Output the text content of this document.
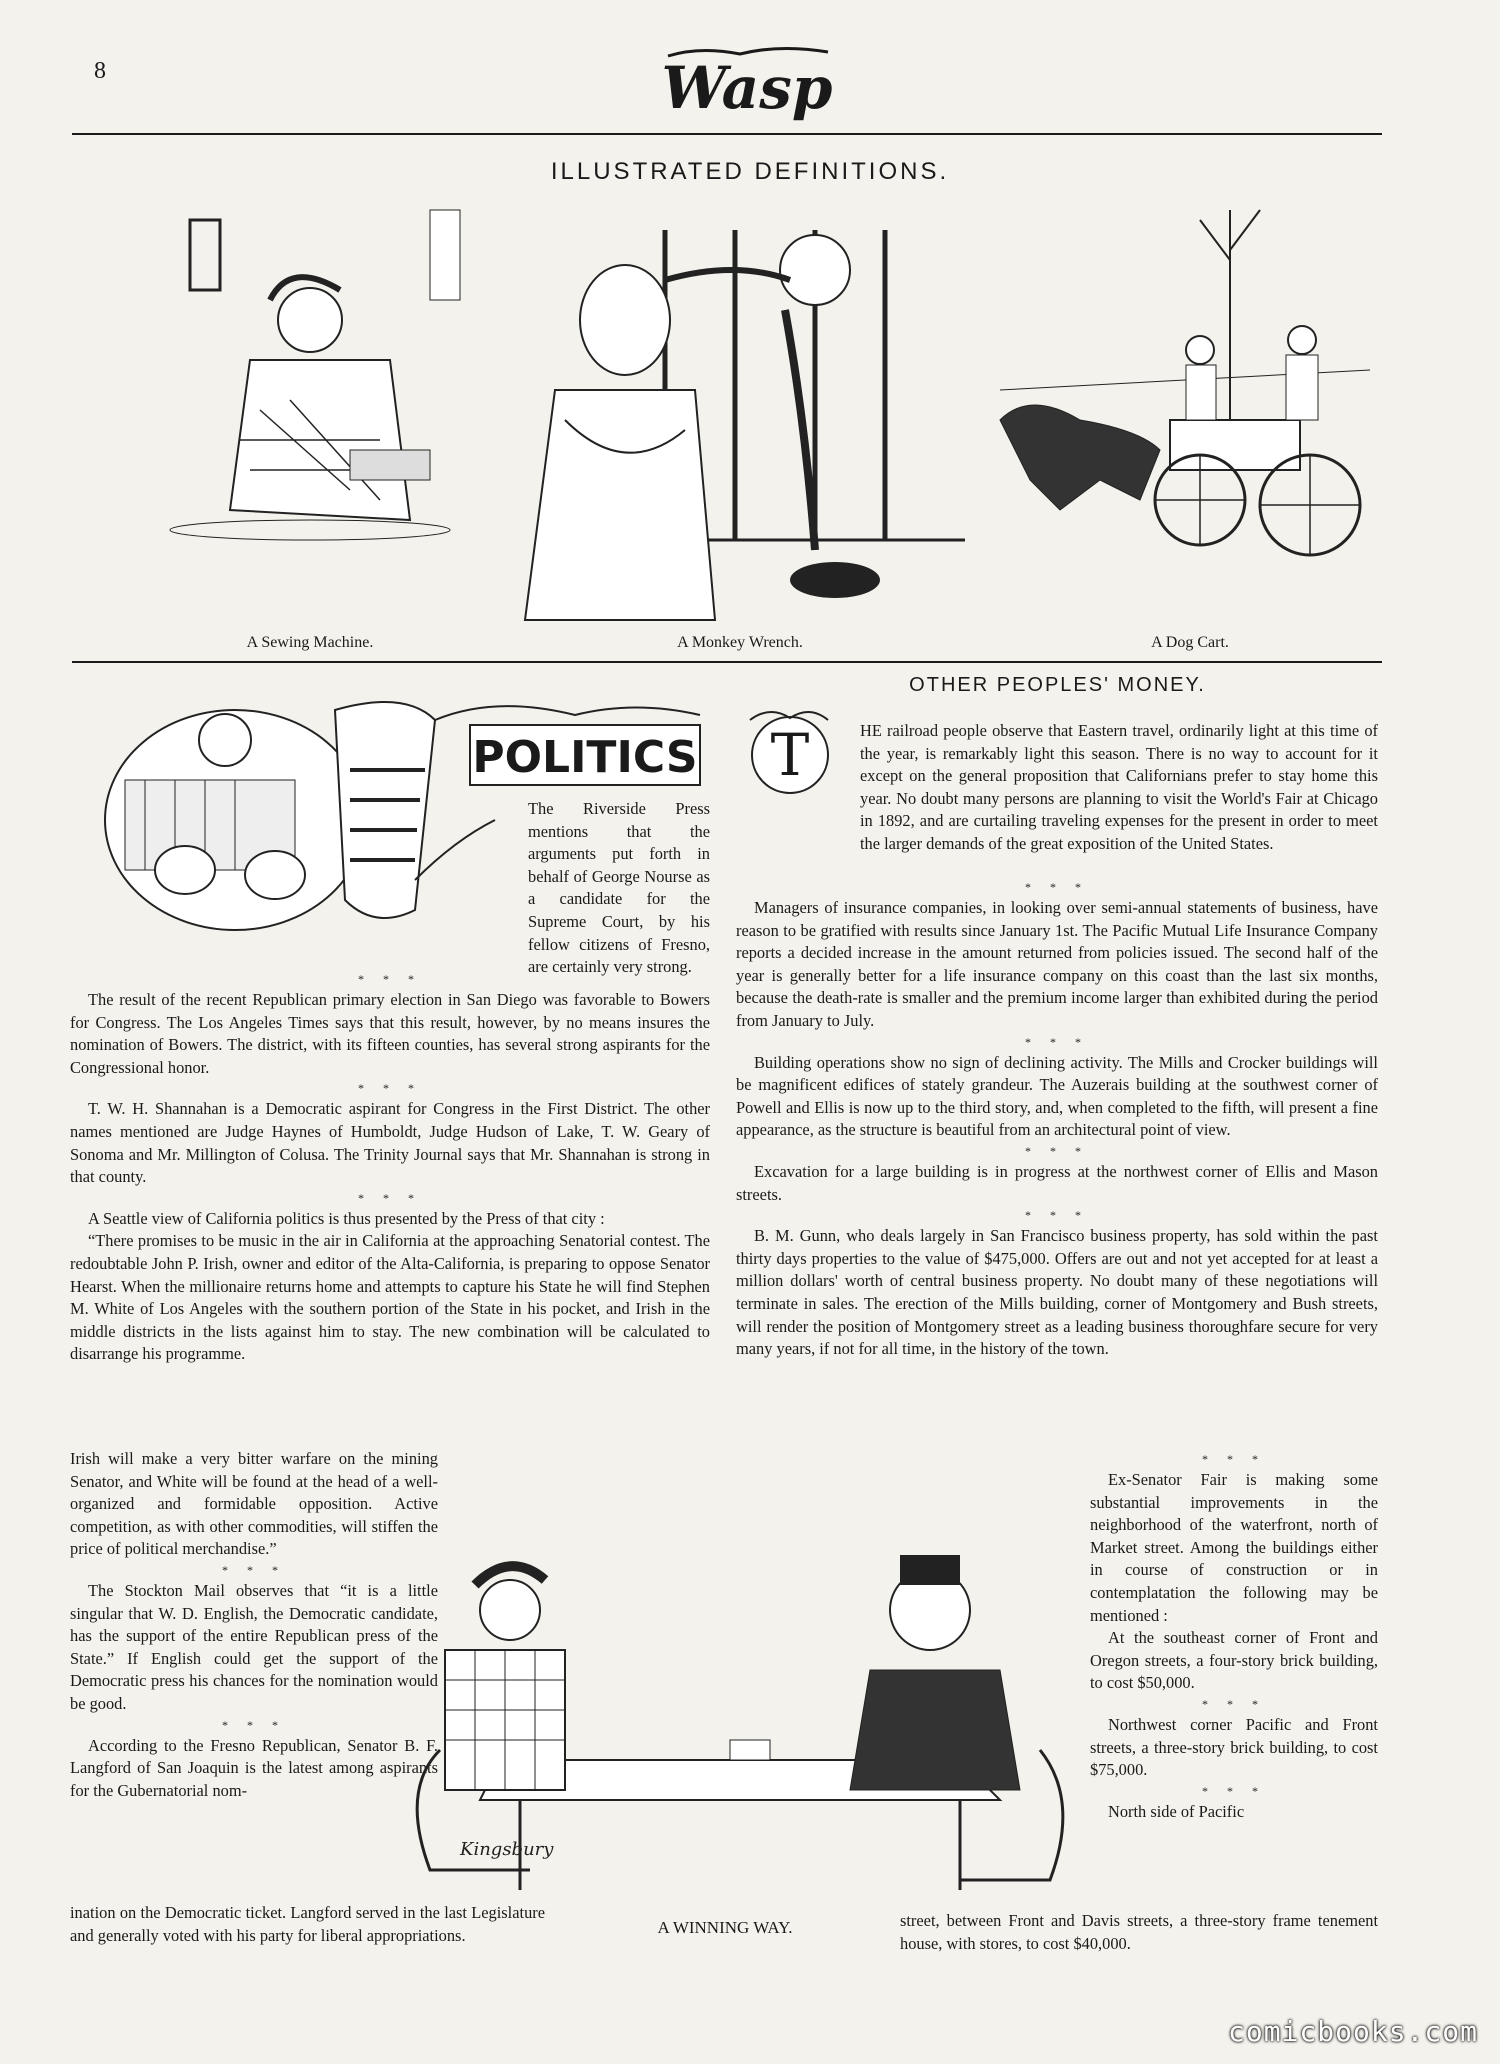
8	Wasp
ILLUSTRATED DEFINITIONS.
A Sewing Machine.	A Monkey Wrench.	A Dog Cart.
POLITICS

The Riverside Press mentions that the arguments put forth in behalf of George Nourse as a candidate for the Supreme Court, by his fellow citizens of Fresno, are certainly very strong.

* * *

The result of the recent Republican primary election in San Diego was favorable to Bowers for Congress. The Los Angeles Times says that this result, however, by no means insures the nomination of Bowers. The district, with its fifteen counties, has several strong aspirants for the Congressional honor.

* * *

T. W. H. Shannahan is a Democratic aspirant for Congress in the First District. The other names mentioned are Judge Haynes of Humboldt, Judge Hudson of Lake, T. W. Geary of Sonoma and Mr. Millington of Colusa. The Trinity Journal says that Mr. Shannahan is strong in that county.

* * *

A Seattle view of California politics is thus presented by the Press of that city :

“There promises to be music in the air in California at the approaching Senatorial contest. The redoubtable John P. Irish, owner and editor of the Alta-California, is preparing to oppose Senator Hearst. When the millionaire returns home and attempts to capture his State he will find Stephen M. White of Los Angeles with the southern portion of the State in his pocket, and Irish in the middle districts in the lists against him to stay. The new combination will be calculated to disarrange his programme.

Irish will make a very bitter warfare on the mining Senator, and White will be found at the head of a well-organized and formidable opposition. Active competition, as with other commodities, will stiffen the price of political merchandise.”

* * *

The Stockton Mail observes that “it is a little singular that W. D. English, the Democratic candidate, has the support of the entire Republican press of the State.” If English could get the support of the Democratic press his chances for the nomination would be good.

* * *

According to the Fresno Republican, Senator B. F. Langford of San Joaquin is the latest among aspirants for the Gubernatorial nom-

ination on the Democratic ticket. Langford served in the last Legislature and generally voted with his party for liberal appropriations.

Kingsbury
A WINNING WAY.
OTHER PEOPLES' MONEY.
T	HE railroad people observe that Eastern travel, ordinarily light at this time of the year, is remarkably light this season. There is no way to account for it except on the general proposition that Californians prefer to stay home this year. No doubt many persons are planning to visit the World's Fair at Chicago in 1892, and are curtailing traveling expenses for the present in order to meet the larger demands of the great exposition of the United States.

* * *

Managers of insurance companies, in looking over semi-annual statements of business, have reason to be gratified with results since January 1st. The Pacific Mutual Life Insurance Company reports a decided increase in the amount returned from policies issued. The second half of the year is generally better for a life insurance company on this coast than the last six months, because the death-rate is smaller and the premium income larger than exhibited during the period from January to July.

* * *

Building operations show no sign of declining activity. The Mills and Crocker buildings will be magnificent edifices of stately grandeur. The Auzerais building at the southwest corner of Powell and Ellis is now up to the third story, and, when completed to the fifth, will present a fine appearance, as the structure is beautiful from an architectural point of view.

* * *

Excavation for a large building is in progress at the northwest corner of Ellis and Mason streets.

* * *

B. M. Gunn, who deals largely in San Francisco business property, has sold within the past thirty days properties to the value of $475,000. Offers are out and not yet accepted for at least a million dollars' worth of central business property. No doubt many of these negotiations will terminate in sales. The erection of the Mills building, corner of Montgomery and Bush streets, will render the position of Montgomery street as a leading business thoroughfare secure for very many years, if not for all time, in the history of the town.

* * *

Ex-Senator Fair is making some substantial improvements in the neighborhood of the waterfront, north of Market street. Among the buildings either in course of construction or in contemplatation the following may be mentioned :

At the southeast corner of Front and Oregon streets, a four-story brick building, to cost $50,000.

* * *

Northwest corner Pacific and Front streets, a three-story brick building, to cost $75,000.

* * *

North side of Pacific

street, between Front and Davis streets, a three-story frame tenement house, with stores, to cost $40,000.

comicbooks.com
